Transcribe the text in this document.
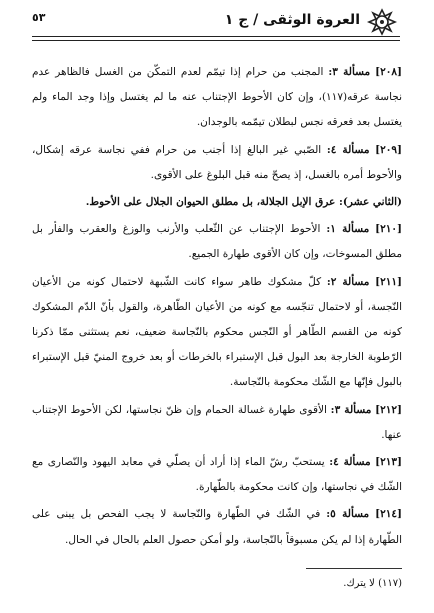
العروة الوثقى / ج ١
٥٣

[٢٠٨] مسألة ٣: المجنب من حرام إذا تيمّم لعدم التمكّن من الغسل فالظاهر عدم نجاسة عرقه(١١٧)، وإن كان الأحوط الإجتناب عنه ما لم يغتسل وإذا وجد الماء ولم يغتسل بعد فعرقه نجس لبطلان تيمّمه بالوجدان.

[٢٠٩] مسألة ٤: الصّبي غير البالغ إذا أجنب من حرام ففي نجاسة عرقه إشكال، والأحوط أمره بالغسل، إذ يصحّ منه قبل البلوغ على الأقوى.

(الثاني عشر): عرق الإبل الجلالة، بل مطلق الحيوان الجلال على الأحوط.

[٢١٠] مسألة ١: الأحوط الإجتناب عن الثّعلب والأرنب والوزغ والعقرب والفأر بل مطلق المسوخات، وإن كان الأقوى طهارة الجميع.

[٢١١] مسألة ٢: كلّ مشكوك طاهر سواء كانت الشّبهة لاحتمال كونه من الأعيان النّجسة، أو لاحتمال تنجّسه مع كونه من الأعيان الطّاهرة، والقول بأنّ الدّم المشكوك كونه من القسم الطّاهر أو النّجس محكوم بالنّجاسة ضعيف، نعم يستثنى ممّا ذكرنا الرّطوبة الخارجة بعد البول قبل الإستبراء بالخرطات أو بعد خروج المنيّ قبل الإستبراء بالبول فإنّها مع الشّك محكومة بالنّجاسة.

[٢١٢] مسألة ٣: الأقوى طهارة غسالة الحمام وإن ظنّ نجاستها، لكن الأحوط الإجتناب عنها.

[٢١٣] مسألة ٤: يستحبّ رشّ الماء إذا أراد أن يصلّي في معابد اليهود والنّصارى مع الشّك في نجاستها، وإن كانت محكومة بالطّهارة.

[٢١٤] مسألة ٥: في الشّك في الطّهارة والنّجاسة لا يجب الفحص بل يبنى على الطّهارة إذا لم يكن مسبوقاً بالنّجاسة، ولو أمكن حصول العلم بالحال في الحال.

(١١٧) لا يترك.
